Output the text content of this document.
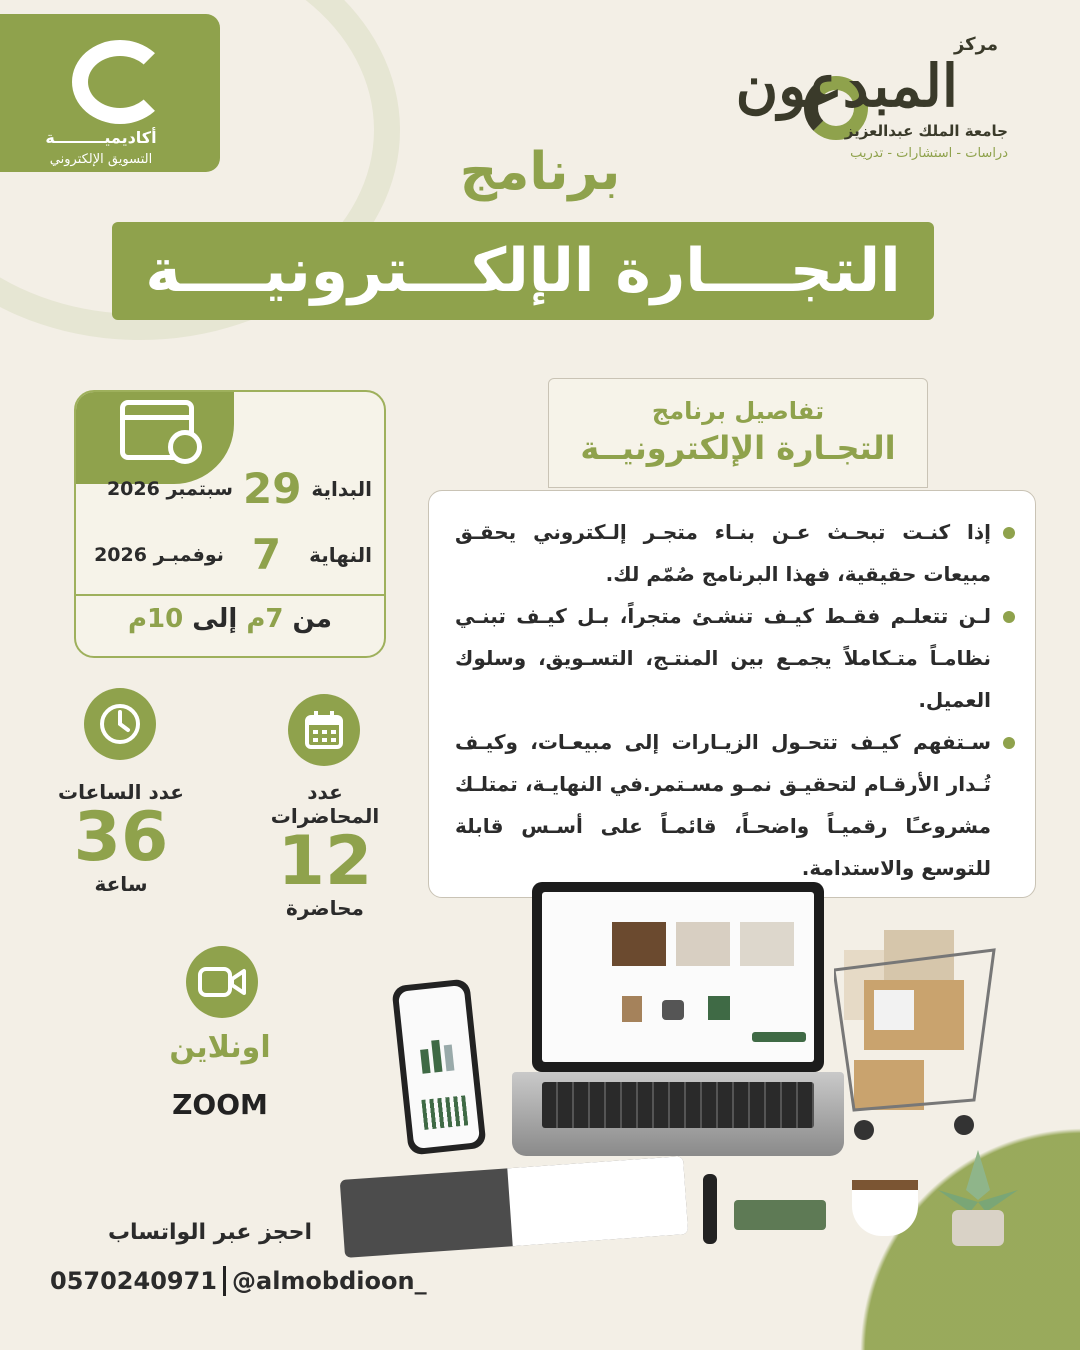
أكاديميـــــــــة
التسويق الإلكتروني
مركز
المبدعون
جامعة الملك عبدالعزيز
دراسات - استشارات - تدريب
برنامج
التجــــارة الإلكـــترونيــــة
البداية
29
سبتمبر 2026
النهاية
7
نوفمبـر 2026
من 7م إلى 10م
عدد الساعات
36
ساعة
عدد المحاضرات
12
محاضرة
اونلاين
ZOOM
تفاصيل برنامج
التجـارة الإلكترونيــة
إذا كنـت تبحـث عـن بنـاء متجـر إلـكتروني يحقـق مبيعات حقيقية، فهذا البرنامج صُمّم لك.
لـن تتعلـم فقـط كيـف تنشـئ متجراً، بـل كيـف تبنـي نظامـاً متـكاملاً يجمـع بين المنتـج، التسـويق، وسلوك العميل.
سـتفهم كيـف تتحـول الزيـارات إلى مبيعـات، وكيـف تُـدار الأرقـام لتحقيـق نمـو مسـتمر.في النهايـة، تمتلـك مشروعـًا رقميـاً واضحـاً، قائمـاً على أسـس قابلة للتوسع والاستدامة.
احجز عبر الواتساب
0570240971 @almobdioon_
